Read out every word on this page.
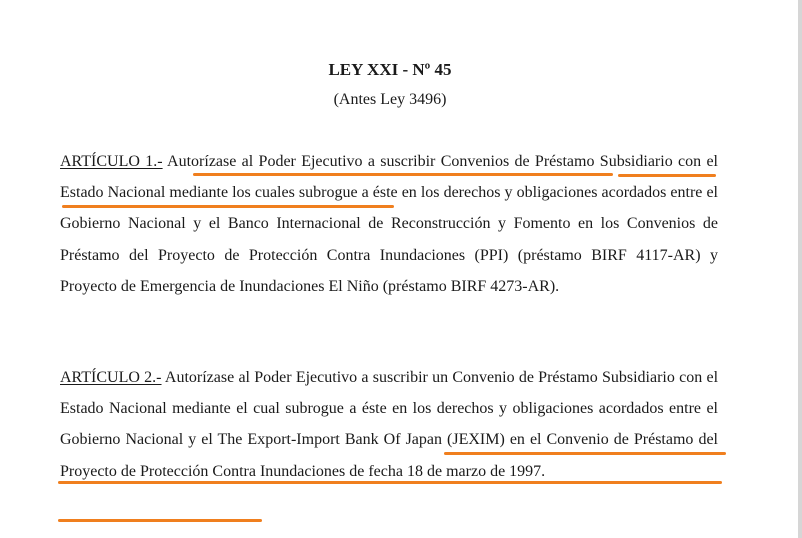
LEY XXI - Nº 45
(Antes Ley 3496)

ARTÍCULO 1.- Autorízase al Poder Ejecutivo a suscribir Convenios de Préstamo Subsidiario con el Estado Nacional mediante los cuales subrogue a éste en los derechos y obligaciones acordados entre el Gobierno Nacional y el Banco Internacional de Reconstrucción y Fomento en los Convenios de Préstamo del Proyecto de Protección Contra Inundaciones (PPI) (préstamo BIRF 4117-AR) y Proyecto de Emergencia de Inundaciones El Niño (préstamo BIRF 4273-AR).

ARTÍCULO 2.- Autorízase al Poder Ejecutivo a suscribir un Convenio de Préstamo Subsidiario con el Estado Nacional mediante el cual subrogue a éste en los derechos y obligaciones acordados entre el Gobierno Nacional y el The Export-Import Bank Of Japan (JEXIM) en el Convenio de Préstamo del Proyecto de Protección Contra Inundaciones de fecha 18 de marzo de 1997.
